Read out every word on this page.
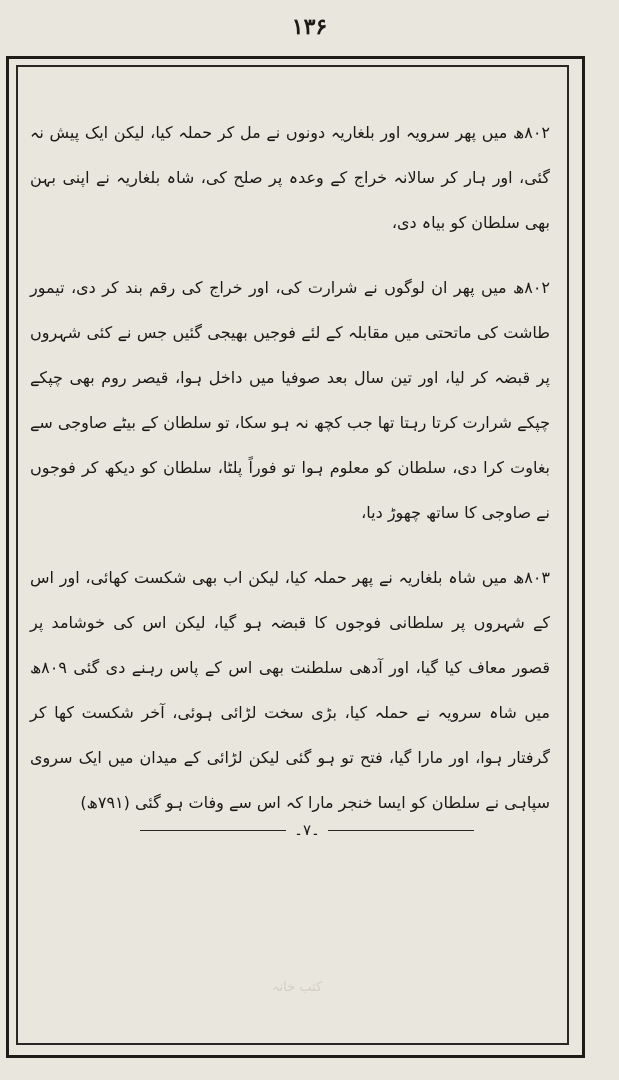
۱۳۶

۸۰۲ھ میں پھر سرویہ اور بلغاریہ دونوں نے مل کر حملہ کیا، لیکن ایک پیش نہ گئی، اور ہار کر سالانہ خراج کے وعدہ پر صلح کی، شاہ بلغاریہ نے اپنی بہن بھی سلطان کو بیاہ دی،

۸۰۲ھ میں پھر ان لوگوں نے شرارت کی، اور خراج کی رقم بند کر دی، تیمور طاشت کی ماتحتی میں مقابلہ کے لئے فوجیں بھیجی گئیں جس نے کئی شہروں پر قبضہ کر لیا، اور تین سال بعد صوفیا میں داخل ہوا، قیصر روم بھی چپکے چپکے شرارت کرتا رہتا تھا جب کچھ نہ ہو سکا، تو سلطان کے بیٹے صاوجی سے بغاوت کرا دی، سلطان کو معلوم ہوا تو فوراً پلٹا، سلطان کو دیکھ کر فوجوں نے صاوجی کا ساتھ چھوڑ دیا،

۸۰۳ھ میں شاہ بلغاریہ نے پھر حملہ کیا، لیکن اب بھی شکست کھائی، اور اس کے شہروں پر سلطانی فوجوں کا قبضہ ہو گیا، لیکن اس کی خوشامد پر قصور معاف کیا گیا، اور آدھی سلطنت بھی اس کے پاس رہنے دی گئی ۸۰۹ھ میں شاہ سرویہ نے حملہ کیا، بڑی سخت لڑائی ہوئی، آخر شکست کھا کر گرفتار ہوا، اور مارا گیا، فتح تو ہو گئی لیکن لڑائی کے میدان میں ایک سروی سپاہی نے سلطان کو ایسا خنجر مارا کہ اس سے وفات ہو گئی (۷۹۱ھ)

۔۷۔
کتب خانہ
